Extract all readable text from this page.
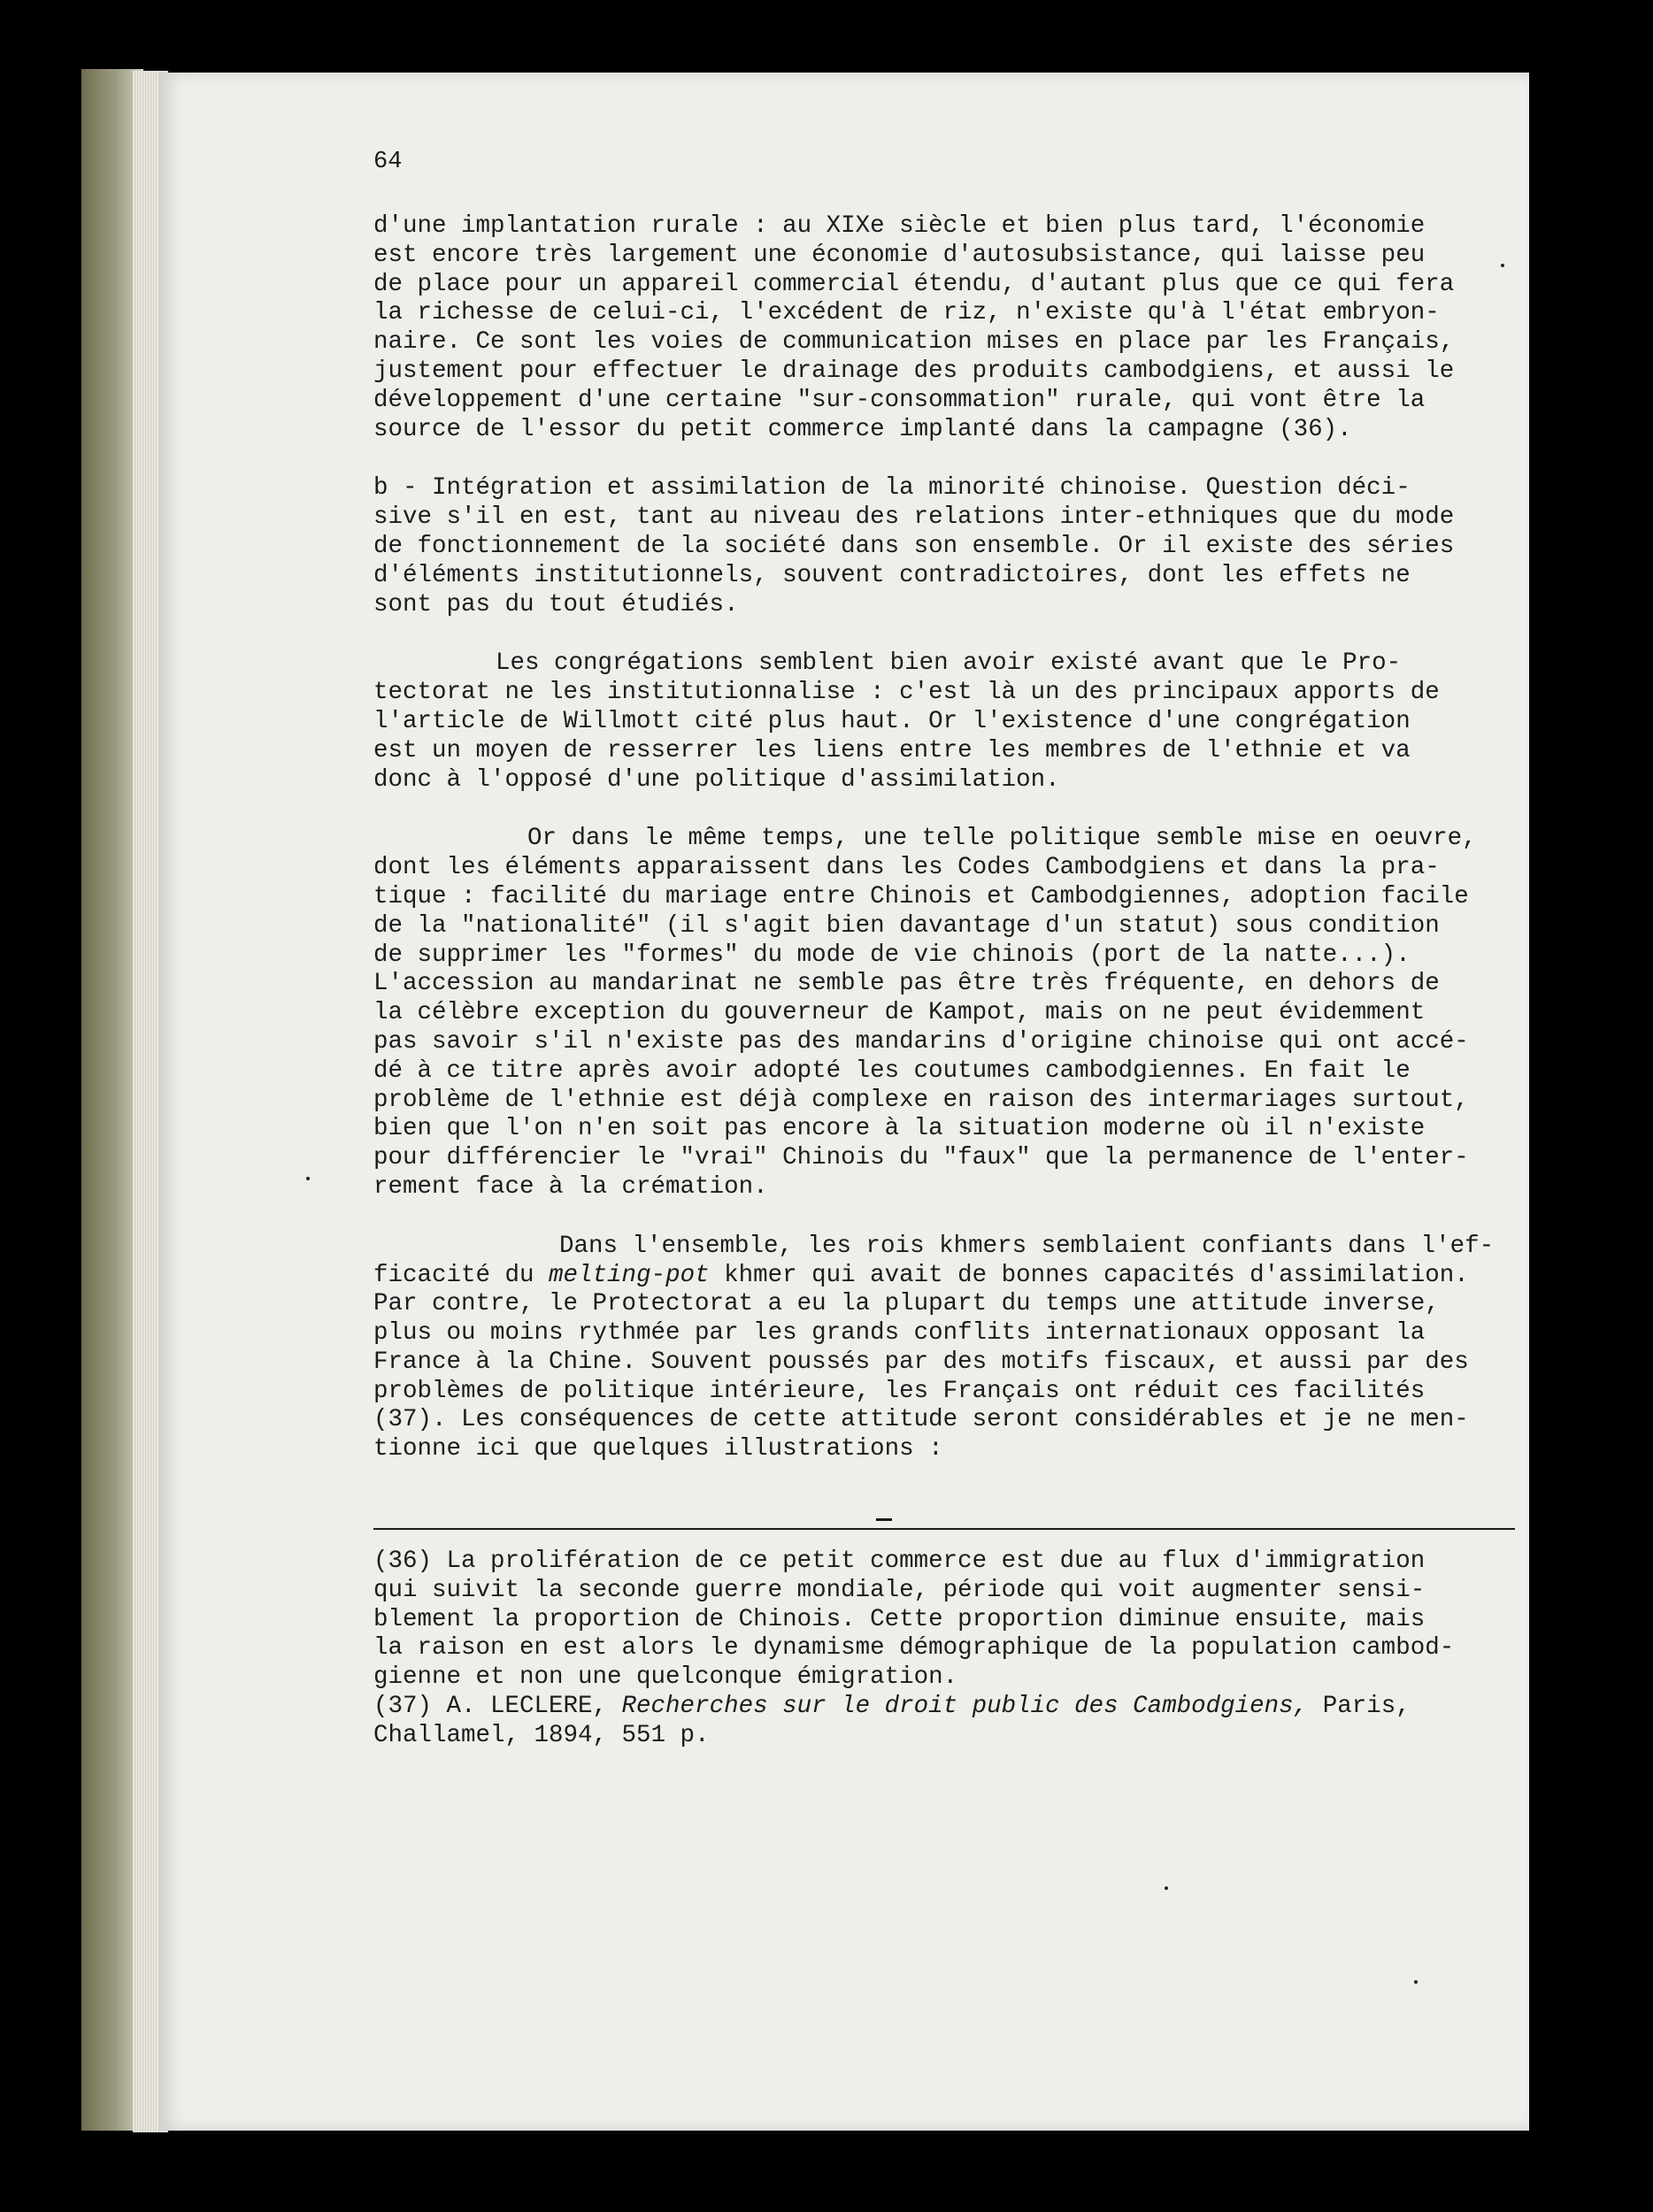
64

d'une implantation rurale : au XIXe siècle et bien plus tard, l'économie
est encore très largement une économie d'autosubsistance, qui laisse peu
de place pour un appareil commercial étendu, d'autant plus que ce qui fera
la richesse de celui-ci, l'excédent de riz, n'existe qu'à l'état embryon-
naire. Ce sont les voies de communication mises en place par les Français,
justement pour effectuer le drainage des produits cambodgiens, et aussi le
développement d'une certaine "sur-consommation" rurale, qui vont être la
source de l'essor du petit commerce implanté dans la campagne (36).

b - Intégration et assimilation de la minorité chinoise. Question déci-
sive s'il en est, tant au niveau des relations inter-ethniques que du mode
de fonctionnement de la société dans son ensemble. Or il existe des séries
d'éléments institutionnels, souvent contradictoires, dont les effets ne
sont pas du tout étudiés.

Les congrégations semblent bien avoir existé avant que le Pro-
tectorat ne les institutionnalise : c'est là un des principaux apports de
l'article de Willmott cité plus haut. Or l'existence d'une congrégation
est un moyen de resserrer les liens entre les membres de l'ethnie et va
donc à l'opposé d'une politique d'assimilation.

Or dans le même temps, une telle politique semble mise en oeuvre,
dont les éléments apparaissent dans les Codes Cambodgiens et dans la pra-
tique : facilité du mariage entre Chinois et Cambodgiennes, adoption facile
de la "nationalité" (il s'agit bien davantage d'un statut) sous condition
de supprimer les "formes" du mode de vie chinois (port de la natte...).
L'accession au mandarinat ne semble pas être très fréquente, en dehors de
la célèbre exception du gouverneur de Kampot, mais on ne peut évidemment
pas savoir s'il n'existe pas des mandarins d'origine chinoise qui ont accé-
dé à ce titre après avoir adopté les coutumes cambodgiennes. En fait le
problème de l'ethnie est déjà complexe en raison des intermariages surtout,
bien que l'on n'en soit pas encore à la situation moderne où il n'existe
pour différencier le "vrai" Chinois du "faux" que la permanence de l'enter-
rement face à la crémation.

Dans l'ensemble, les rois khmers semblaient confiants dans l'ef-
ficacité du melting-pot khmer qui avait de bonnes capacités d'assimilation.
Par contre, le Protectorat a eu la plupart du temps une attitude inverse,
plus ou moins rythmée par les grands conflits internationaux opposant la
France à la Chine. Souvent poussés par des motifs fiscaux, et aussi par des
problèmes de politique intérieure, les Français ont réduit ces facilités
(37). Les conséquences de cette attitude seront considérables et je ne men-
tionne ici que quelques illustrations :

(36) La prolifération de ce petit commerce est due au flux d'immigration
qui suivit la seconde guerre mondiale, période qui voit augmenter sensi-
blement la proportion de Chinois. Cette proportion diminue ensuite, mais
la raison en est alors le dynamisme démographique de la population cambod-
gienne et non une quelconque émigration.

(37) A. LECLERE, Recherches sur le droit public des Cambodgiens, Paris,
Challamel, 1894, 551 p.
